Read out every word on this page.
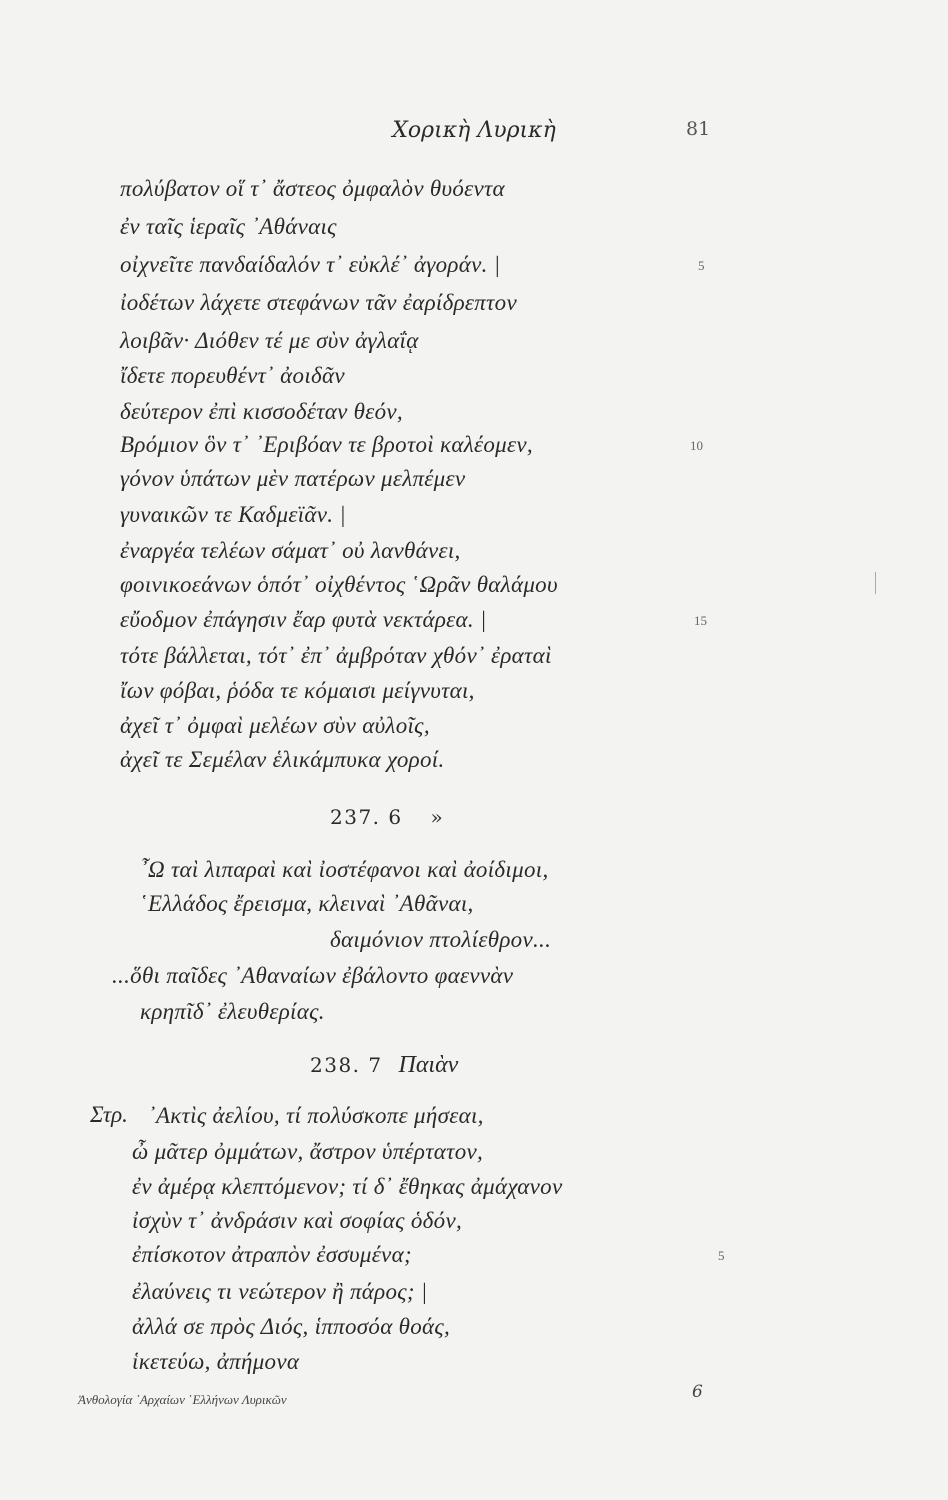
Χορικὴ Λυρικὴ	81
πολύβατον οἵ τ᾿ ἄστεος ὀμφαλὸν θυόεντα
ἐν ταῖς ἱεραῖς ᾿Αθάναις
οἰχνεῖτε πανδαίδαλόν τ᾿ εὐκλέ᾿ ἀγοράν. |
ἰοδέτων λάχετε στεφάνων τᾶν ἐαρίδρεπτον
λοιβᾶν· Διόθεν τέ με σὺν ἀγλαΐᾳ
ἴδετε πορευθέντ᾿ ἀοιδᾶν
δεύτερον ἐπὶ κισσοδέταν θεόν,
Βρόμιον ὃν τ᾿ ᾿Εριβόαν τε βροτοὶ καλέομεν,
γόνον ὑπάτων μὲν πατέρων μελπέμεν
γυναικῶν τε Καδμεϊᾶν. |
ἐναργέα τελέων σάματ᾿ οὐ λανθάνει,
φοινικοεάνων ὁπότ᾿ οἰχθέντος ῾Ωρᾶν θαλάμου
εὔοδμον ἐπάγησιν ἔαρ φυτὰ νεκτάρεα. |
τότε βάλλεται, τότ᾿ ἐπ᾿ ἀμβρόταν χθόν᾿ ἐραταὶ
ἴων φόβαι, ῥόδα τε κόμαισι μείγνυται,
ἀχεῖ τ᾿ ὀμφαὶ μελέων σὺν αὐλοῖς,
ἀχεῖ τε Σεμέλαν ἑλικάμπυκα χοροί.
5
10
15
237. 6 »
῏Ω ταὶ λιπαραὶ καὶ ἰοστέφανοι καὶ ἀοίδιμοι,
῾Ελλάδος ἔρεισμα, κλειναὶ ᾿Αθᾶναι,
δαιμόνιον πτολίεθρον...
...ὅθι παῖδες ᾿Αθαναίων ἐβάλοντο φαεννὰν
κρηπῖδ᾿ ἐλευθερίας.
238. 7 Παιὰν
Στρ. ᾿Ακτὶς ἀελίου, τί πολύσκοπε μήσεαι,
ὦ μᾶτερ ὀμμάτων, ἄστρον ὑπέρτατον,
ἐν ἀμέρᾳ κλεπτόμενον; τί δ᾿ ἔθηκας ἀμάχανον
ἰσχὺν τ᾿ ἀνδράσιν καὶ σοφίας ὁδόν,
ἐπίσκοτον ἀτραπὸν ἐσσυμένα;
ἐλαύνεις τι νεώτερον ἢ πάρος; |
ἀλλά σε πρὸς Διός, ἱπποσόα θοάς,
ἱκετεύω, ἀπήμονα
5
Ἀνθολογία ᾿Αρχαίων ῾Ελλήνων Λυρικῶν	6
